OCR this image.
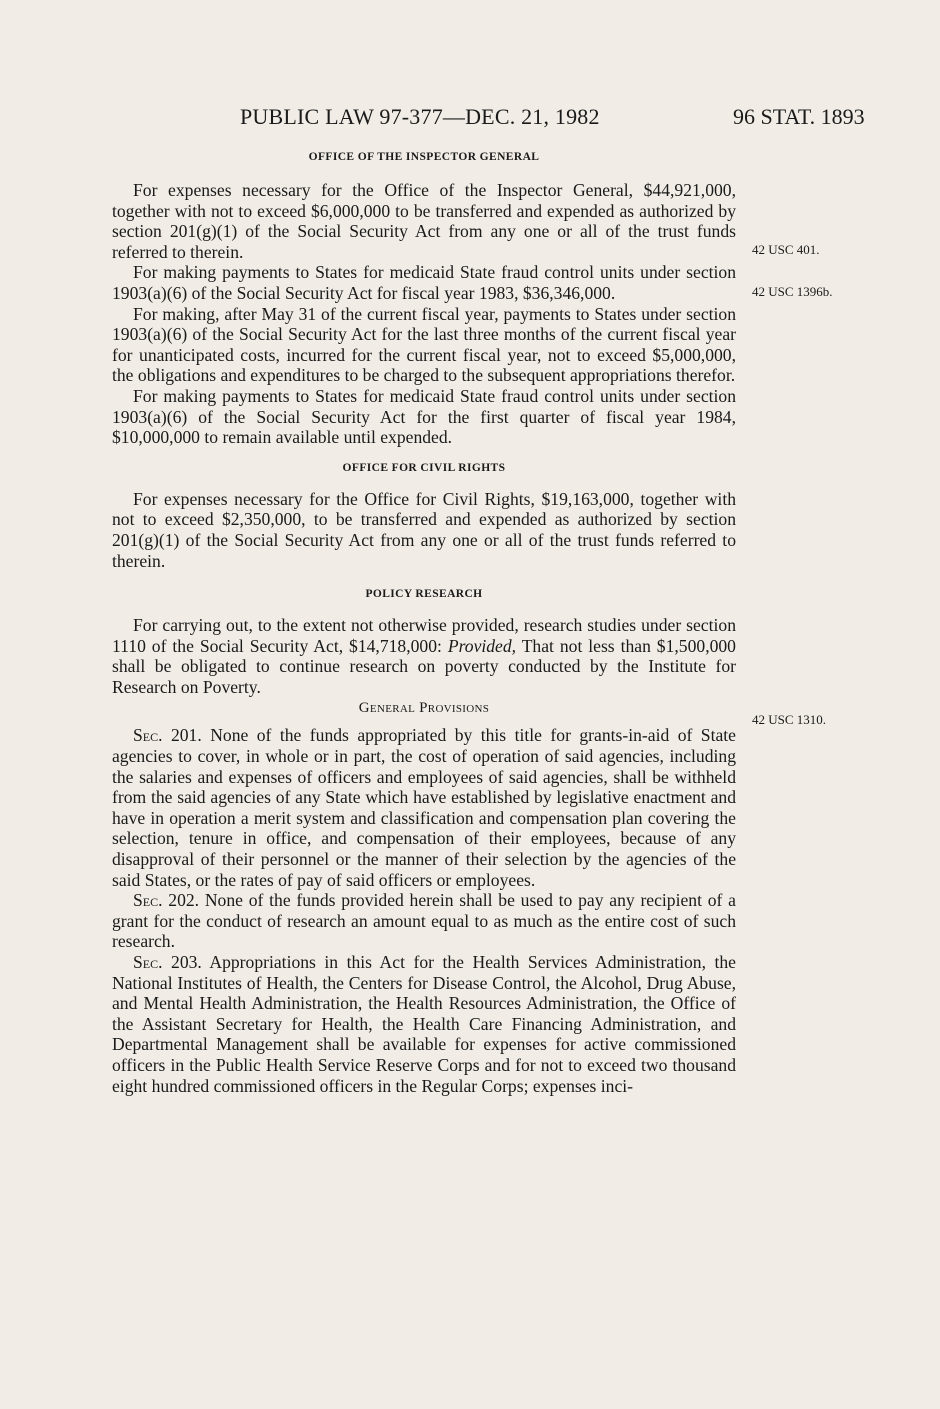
PUBLIC LAW 97-377—DEC. 21, 1982	96 STAT. 1893

OFFICE OF THE INSPECTOR GENERAL

For expenses necessary for the Office of the Inspector General, $44,921,000, together with not to exceed $6,000,000 to be transferred and expended as authorized by section 201(g)(1) of the Social Security Act from any one or all of the trust funds referred to therein.

For making payments to States for medicaid State fraud control units under section 1903(a)(6) of the Social Security Act for fiscal year 1983, $36,346,000.

For making, after May 31 of the current fiscal year, payments to States under section 1903(a)(6) of the Social Security Act for the last three months of the current fiscal year for unanticipated costs, incurred for the current fiscal year, not to exceed $5,000,000, the obligations and expenditures to be charged to the subsequent appropriations therefor.

For making payments to States for medicaid State fraud control units under section 1903(a)(6) of the Social Security Act for the first quarter of fiscal year 1984, $10,000,000 to remain available until expended.

OFFICE FOR CIVIL RIGHTS

For expenses necessary for the Office for Civil Rights, $19,163,000, together with not to exceed $2,350,000, to be transferred and expended as authorized by section 201(g)(1) of the Social Security Act from any one or all of the trust funds referred to therein.

POLICY RESEARCH

For carrying out, to the extent not otherwise provided, research studies under section 1110 of the Social Security Act, $14,718,000: Provided, That not less than $1,500,000 shall be obligated to continue research on poverty conducted by the Institute for Research on Poverty.

General Provisions

Sec. 201. None of the funds appropriated by this title for grants-in-aid of State agencies to cover, in whole or in part, the cost of operation of said agencies, including the salaries and expenses of officers and employees of said agencies, shall be withheld from the said agencies of any State which have established by legislative enactment and have in operation a merit system and classification and compensation plan covering the selection, tenure in office, and compensation of their employees, because of any disapproval of their personnel or the manner of their selection by the agencies of the said States, or the rates of pay of said officers or employees.

Sec. 202. None of the funds provided herein shall be used to pay any recipient of a grant for the conduct of research an amount equal to as much as the entire cost of such research.

Sec. 203. Appropriations in this Act for the Health Services Administration, the National Institutes of Health, the Centers for Disease Control, the Alcohol, Drug Abuse, and Mental Health Administration, the Health Resources Administration, the Office of the Assistant Secretary for Health, the Health Care Financing Administration, and Departmental Management shall be available for expenses for active commissioned officers in the Public Health Service Reserve Corps and for not to exceed two thousand eight hundred commissioned officers in the Regular Corps; expenses inci-

42 USC 401.
42 USC 1396b.
42 USC 1310.
